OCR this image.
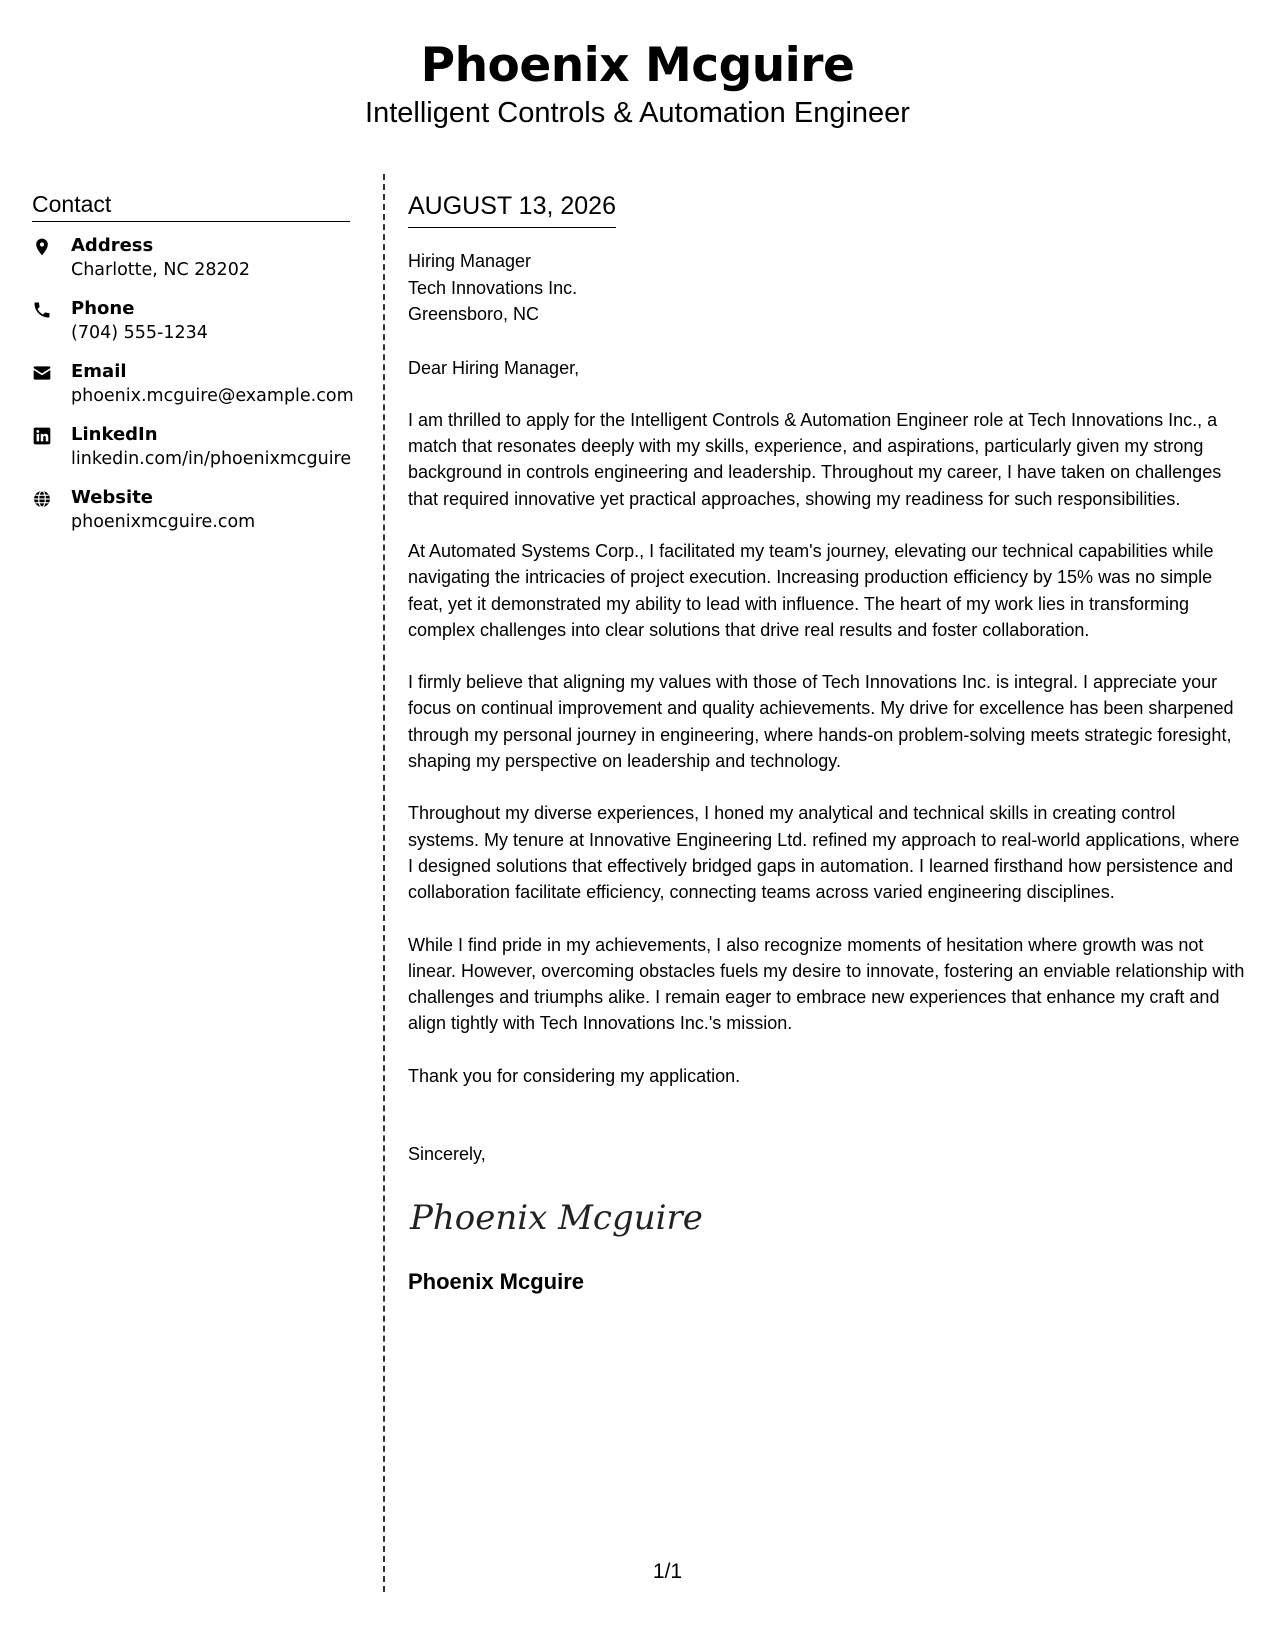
Phoenix Mcguire
Intelligent Controls & Automation Engineer
Contact
Address
Charlotte, NC 28202
Phone
(704) 555-1234
Email
phoenix.mcguire@example.com
LinkedIn
linkedin.com/in/phoenixmcguire
Website
phoenixmcguire.com
AUGUST 13, 2026
Hiring Manager
Tech Innovations Inc.
Greensboro, NC
Dear Hiring Manager,

I am thrilled to apply for the Intelligent Controls & Automation Engineer role at Tech Innovations Inc., a match that resonates deeply with my skills, experience, and aspirations, particularly given my strong background in controls engineering and leadership. Throughout my career, I have taken on challenges that required innovative yet practical approaches, showing my readiness for such responsibilities.

At Automated Systems Corp., I facilitated my team's journey, elevating our technical capabilities while navigating the intricacies of project execution. Increasing production efficiency by 15% was no simple feat, yet it demonstrated my ability to lead with influence. The heart of my work lies in transforming complex challenges into clear solutions that drive real results and foster collaboration.

I firmly believe that aligning my values with those of Tech Innovations Inc. is integral. I appreciate your focus on continual improvement and quality achievements. My drive for excellence has been sharpened through my personal journey in engineering, where hands-on problem-solving meets strategic foresight, shaping my perspective on leadership and technology.

Throughout my diverse experiences, I honed my analytical and technical skills in creating control systems. My tenure at Innovative Engineering Ltd. refined my approach to real-world applications, where I designed solutions that effectively bridged gaps in automation. I learned firsthand how persistence and collaboration facilitate efficiency, connecting teams across varied engineering disciplines.

While I find pride in my achievements, I also recognize moments of hesitation where growth was not linear. However, overcoming obstacles fuels my desire to innovate, fostering an enviable relationship with challenges and triumphs alike. I remain eager to embrace new experiences that enhance my craft and align tightly with Tech Innovations Inc.'s mission.

Thank you for considering my application.

Sincerely,
Phoenix Mcguire
Phoenix Mcguire
1/1
